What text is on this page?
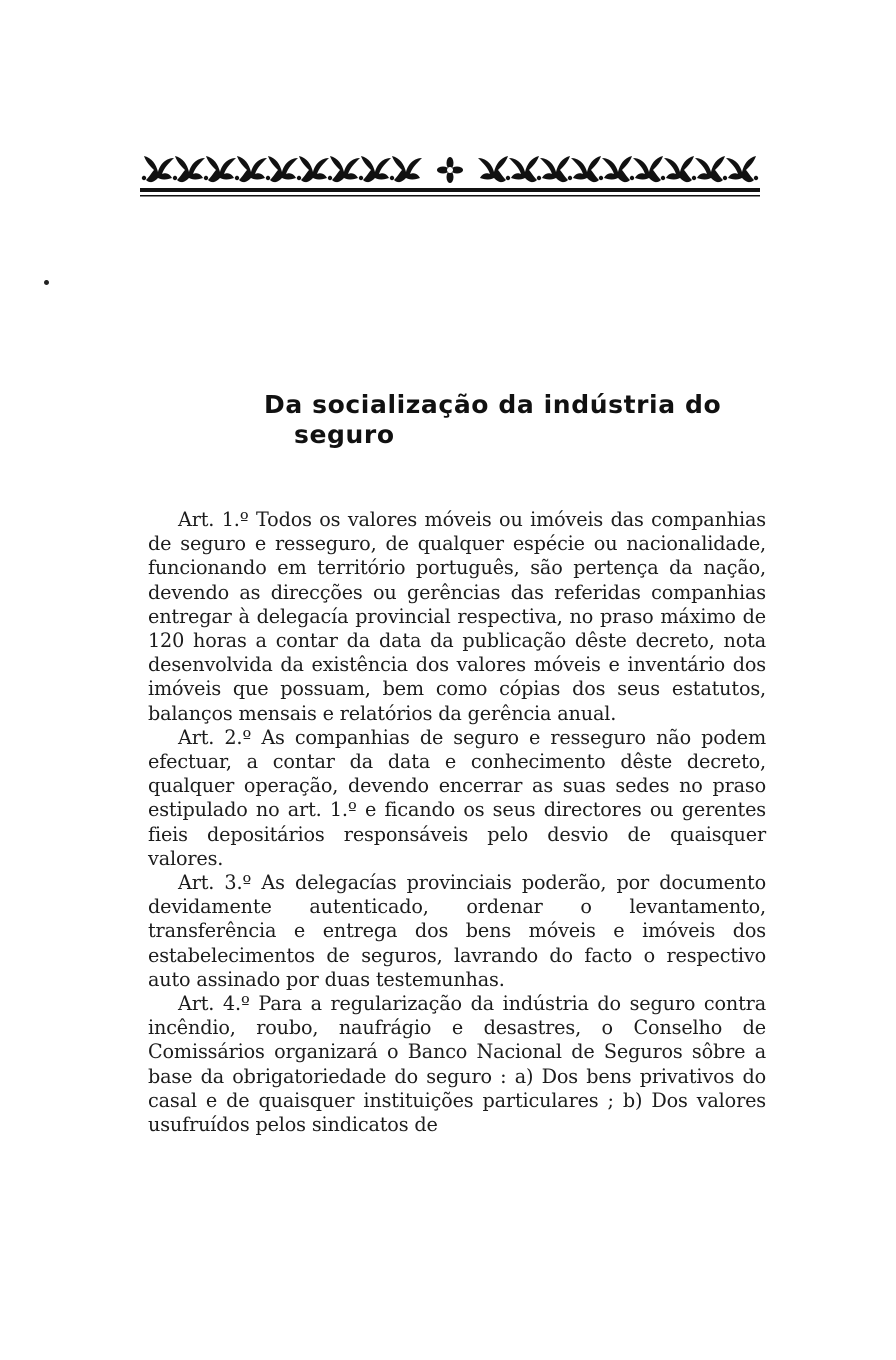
Da socialização da indústria do
seguro

Art. 1.º Todos os valores móveis ou imóveis das companhias de seguro e resseguro, de qualquer espécie ou nacionalidade, funcionando em território português, são pertença da nação, devendo as direcções ou gerências das referidas companhias entregar à delegacía provincial respectiva, no praso máximo de 120 horas a contar da data da publicação dêste decreto, nota desenvolvida da existência dos valores móveis e inventário dos imóveis que possuam, bem como cópias dos seus estatutos, balanços mensais e relatórios da gerência anual.

Art. 2.º As companhias de seguro e resseguro não podem efectuar, a contar da data e conhecimento dêste decreto, qualquer operação, devendo encerrar as suas sedes no praso estipulado no art. 1.º e ficando os seus directores ou gerentes fieis depositários responsáveis pelo desvio de quaisquer valores.

Art. 3.º As delegacías provinciais poderão, por documento devidamente autenticado, ordenar o levantamento, transferência e entrega dos bens móveis e imóveis dos estabelecimentos de seguros, lavrando do facto o respectivo auto assinado por duas testemunhas.

Art. 4.º Para a regularização da indústria do seguro contra incêndio, roubo, naufrágio e desastres, o Conselho de Comissários organizará o Banco Nacional de Seguros sôbre a base da obrigatoriedade do seguro : a) Dos bens privativos do casal e de quaisquer instituições particulares ; b) Dos valores usufruídos pelos sindicatos de
